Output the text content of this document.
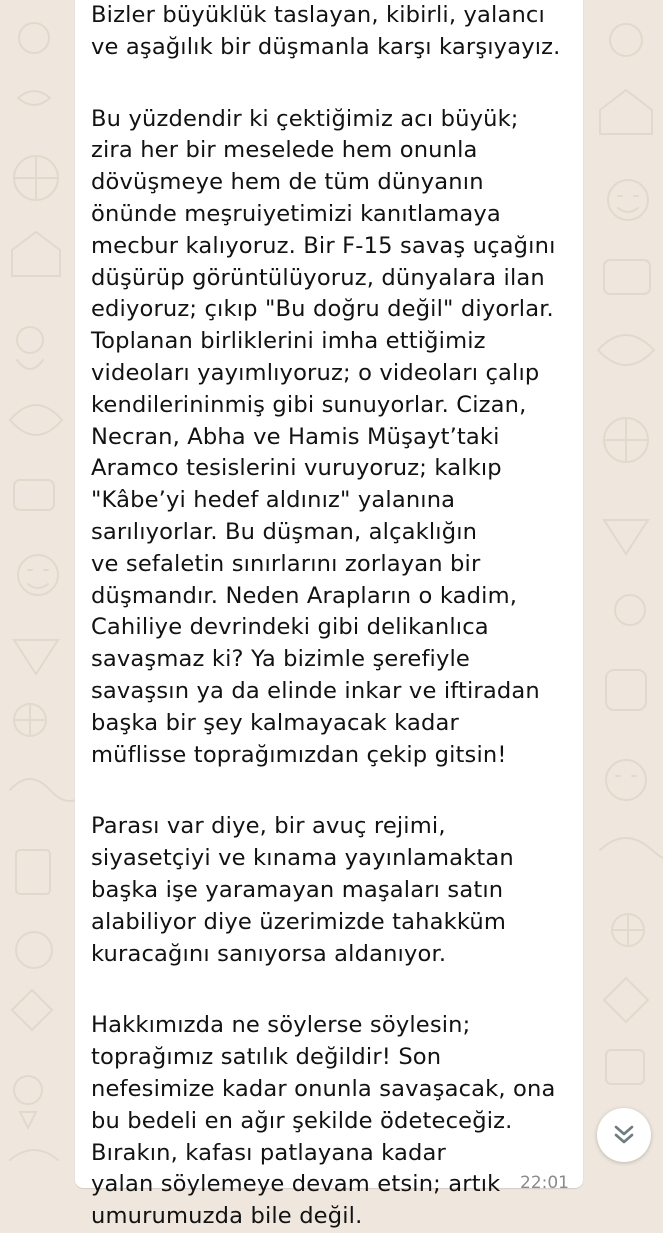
Bizler büyüklük taslayan, kibirli, yalancı
ve aşağılık bir düşmanla karşı karşıyayız.
Bu yüzdendir ki çektiğimiz acı büyük;
zira her bir meselede hem onunla
dövüşmeye hem de tüm dünyanın
önünde meşruiyetimizi kanıtlamaya
mecbur kalıyoruz. Bir F-15 savaş uçağını
düşürüp görüntülüyoruz, dünyalara ilan
ediyoruz; çıkıp "Bu doğru değil" diyorlar.
Toplanan birliklerini imha ettiğimiz
videoları yayımlıyoruz; o videoları çalıp
kendilerininmiş gibi sunuyorlar. Cizan,
Necran, Abha ve Hamis Müşayt’taki
Aramco tesislerini vuruyoruz; kalkıp
"Kâbe’yi hedef aldınız" yalanına
sarılıyorlar. Bu düşman, alçaklığın
ve sefaletin sınırlarını zorlayan bir
düşmandır. Neden Arapların o kadim,
Cahiliye devrindeki gibi delikanlıca
savaşmaz ki? Ya bizimle şerefiyle
savaşsın ya da elinde inkar ve iftiradan
başka bir şey kalmayacak kadar
müflisse toprağımızdan çekip gitsin!
Parası var diye, bir avuç rejimi,
siyasetçiyi ve kınama yayınlamaktan
başka işe yaramayan maşaları satın
alabiliyor diye üzerimizde tahakküm
kuracağını sanıyorsa aldanıyor.
Hakkımızda ne söylerse söylesin;
toprağımız satılık değildir! Son
nefesimize kadar onunla savaşacak, ona
bu bedeli en ağır şekilde ödeteceğiz.
Bırakın, kafası patlayana kadar
yalan söylemeye devam etsin; artık
umurumuzda bile değil.
22:01
